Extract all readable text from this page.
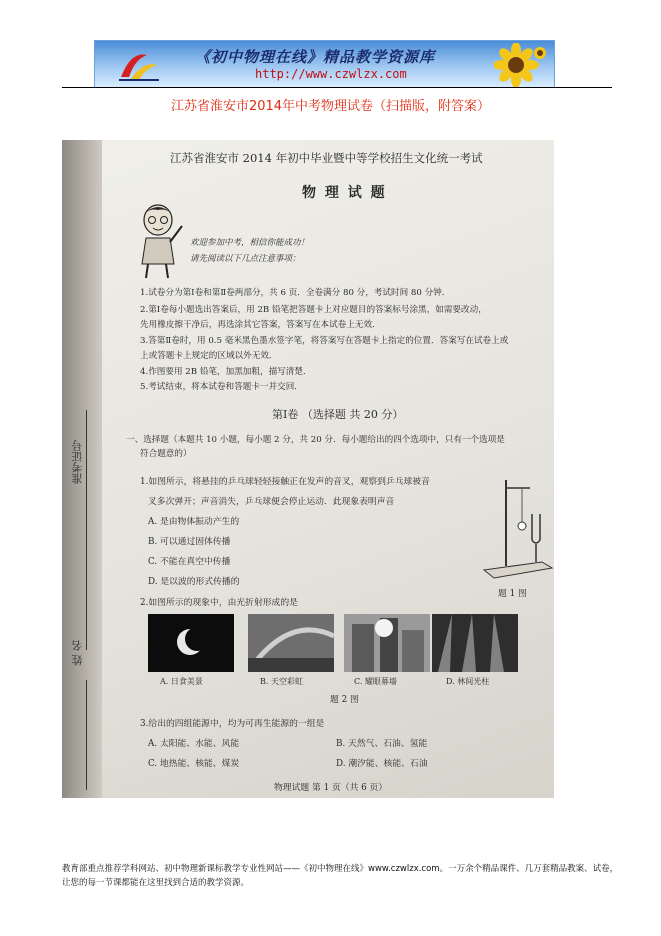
《初中物理在线》精品教学资源库
http://www.czwlzx.com
江苏省淮安市2014年中考物理试卷（扫描版，附答案）
准考证号
姓 名
江苏省淮安市 2014 年初中毕业暨中等学校招生文化统一考试
物 理 试 题
欢迎参加中考，相信你能成功！
请先阅读以下几点注意事项：
1.试卷分为第Ⅰ卷和第Ⅱ卷两部分，共 6 页．全卷满分 80 分，考试时间 80 分钟．
2.第Ⅰ卷每小题选出答案后，用 2B 铅笔把答题卡上对应题目的答案标号涂黑，如需要改动，
先用橡皮擦干净后，再选涂其它答案，答案写在本试卷上无效．
3.答第Ⅱ卷时，用 0.5 毫米黑色墨水签字笔，将答案写在答题卡上指定的位置．答案写在试卷上或
上或答题卡上规定的区域以外无效．
4.作图要用 2B 铅笔，加黑加粗，描写清楚．
5.考试结束，将本试卷和答题卡一并交回．
第Ⅰ卷 （选择题 共 20 分）
一、选择题（本题共 10 小题，每小题 2 分，共 20 分．每小题给出的四个选项中，只有一个选项是
符合题意的）
1.如图所示，将悬挂的乒乓球轻轻接触正在发声的音叉，观察到乒乓球被音
叉多次弹开；声音消失，乒乓球便会停止运动．此现象表明声音
A. 是由物体振动产生的
B. 可以通过固体传播
C. 不能在真空中传播
D. 是以波的形式传播的
题 1 图
2.如图所示的现象中，由光折射形成的是
A. 日食美景	B. 天空彩虹	C. 耀眼幕墙	D. 林间光柱
题 2 图
3.给出的四组能源中，均为可再生能源的一组是
A. 太阳能、水能、风能	B. 天然气、石油、氢能
C. 地热能、核能、煤炭	D. 潮汐能、核能、石油
物理试题 第 1 页（共 6 页）
教育部重点推荐学科网站、初中物理新课标教学专业性网站——《初中物理在线》www.czwlzx.com。一万余个精品课件、几万套精品教案、试卷，让您的每一节课都能在这里找到合适的教学资源。
